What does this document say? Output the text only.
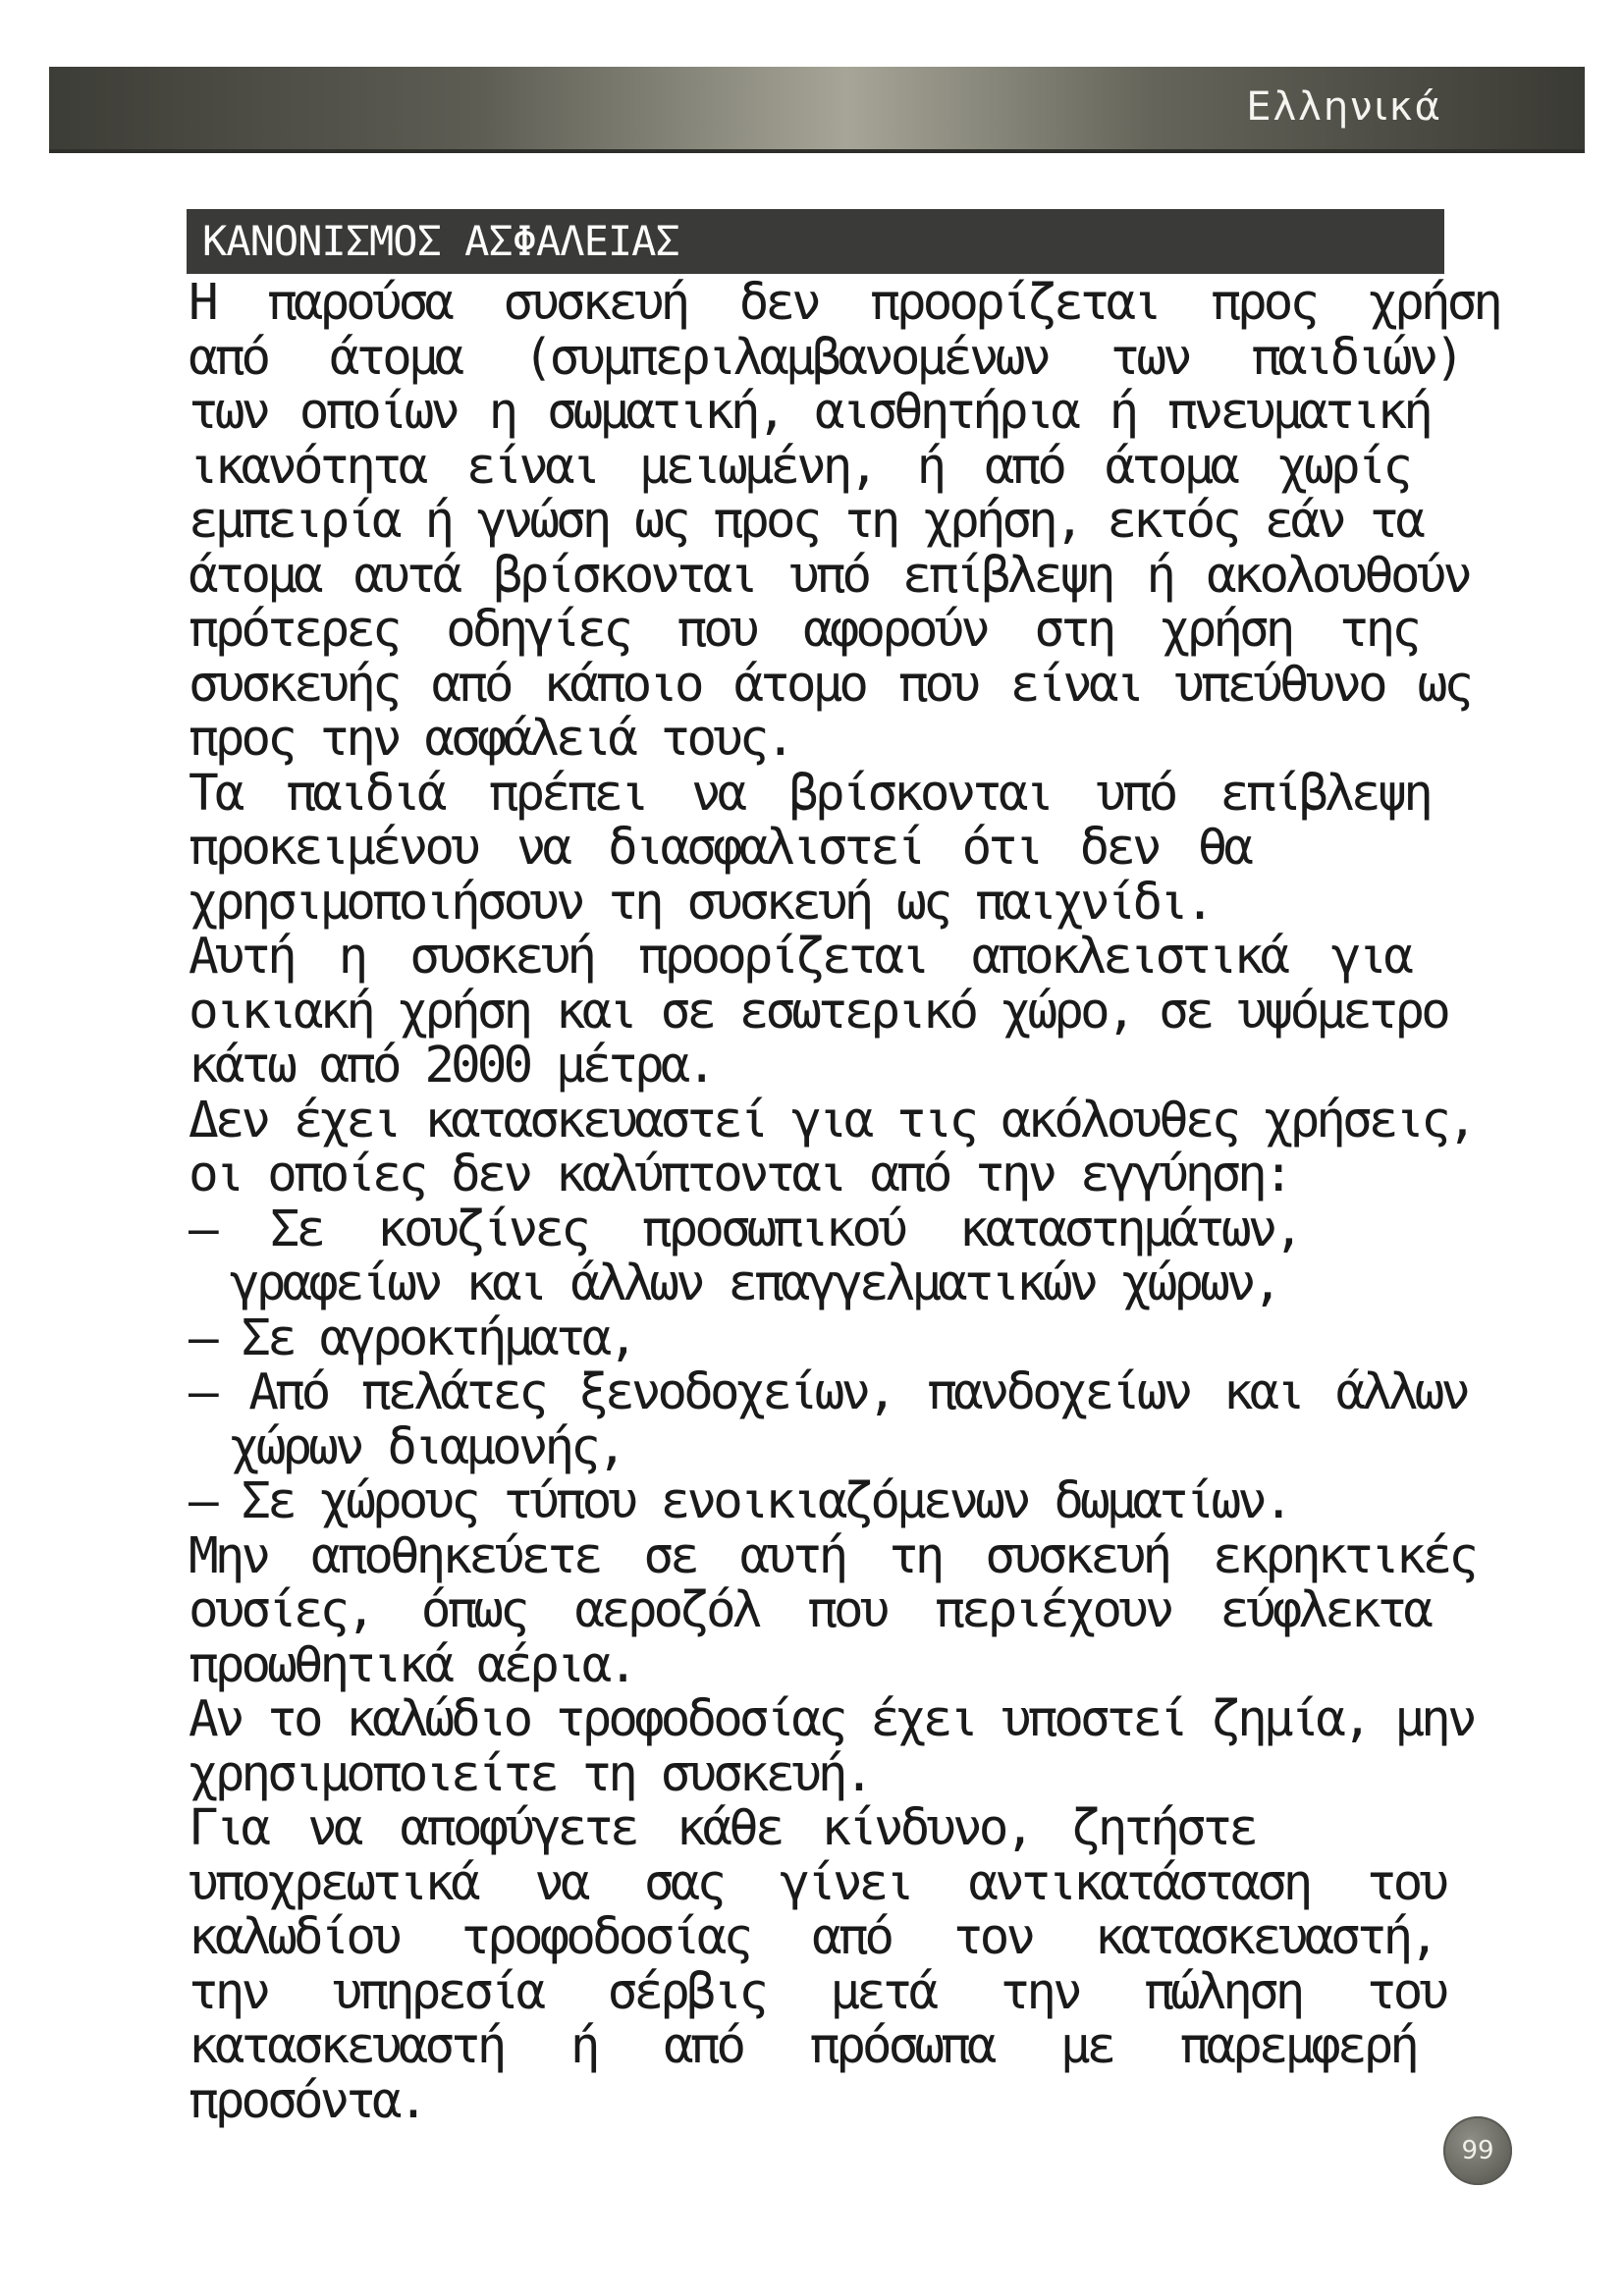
Ελληνικά
ΚΑΝΟΝΙΣΜΟΣ ΑΣΦΑΛΕΙΑΣ
Η παρούσα συσκευή δεν προορίζεται προς χρήση
από άτομα (συμπεριλαμβανομένων των παιδιών)
των οποίων η σωματική, αισθητήρια ή πνευματική
ικανότητα είναι μειωμένη, ή από άτομα χωρίς
εμπειρία ή γνώση ως προς τη χρήση, εκτός εάν τα
άτομα αυτά βρίσκονται υπό επίβλεψη ή ακολουθούν
πρότερες οδηγίες που αφορούν στη χρήση της
συσκευής από κάποιο άτομο που είναι υπεύθυνο ως
προς την ασφάλειά τους.
Τα παιδιά πρέπει να βρίσκονται υπό επίβλεψη
προκειμένου να διασφαλιστεί ότι δεν θα
χρησιμοποιήσουν τη συσκευή ως παιχνίδι.
Αυτή η συσκευή προορίζεται αποκλειστικά για
οικιακή χρήση και σε εσωτερικό χώρο, σε υψόμετρο
κάτω από 2000 μέτρα.
Δεν έχει κατασκευαστεί για τις ακόλουθες χρήσεις,
οι οποίες δεν καλύπτονται από την εγγύηση:
– Σε κουζίνες προσωπικού καταστημάτων,
γραφείων και άλλων επαγγελματικών χώρων,
– Σε αγροκτήματα,
– Από πελάτες ξενοδοχείων, πανδοχείων και άλλων
χώρων διαμονής,
– Σε χώρους τύπου ενοικιαζόμενων δωματίων.
Μην αποθηκεύετε σε αυτή τη συσκευή εκρηκτικές
ουσίες, όπως αεροζόλ που περιέχουν εύφλεκτα
προωθητικά αέρια.
Αν το καλώδιο τροφοδοσίας έχει υποστεί ζημία, μην
χρησιμοποιείτε τη συσκευή.
Για να αποφύγετε κάθε κίνδυνο, ζητήστε
υποχρεωτικά να σας γίνει αντικατάσταση του
καλωδίου τροφοδοσίας από τον κατασκευαστή,
την υπηρεσία σέρβις μετά την πώληση του
κατασκευαστή ή από πρόσωπα με παρεμφερή
προσόντα.
99
